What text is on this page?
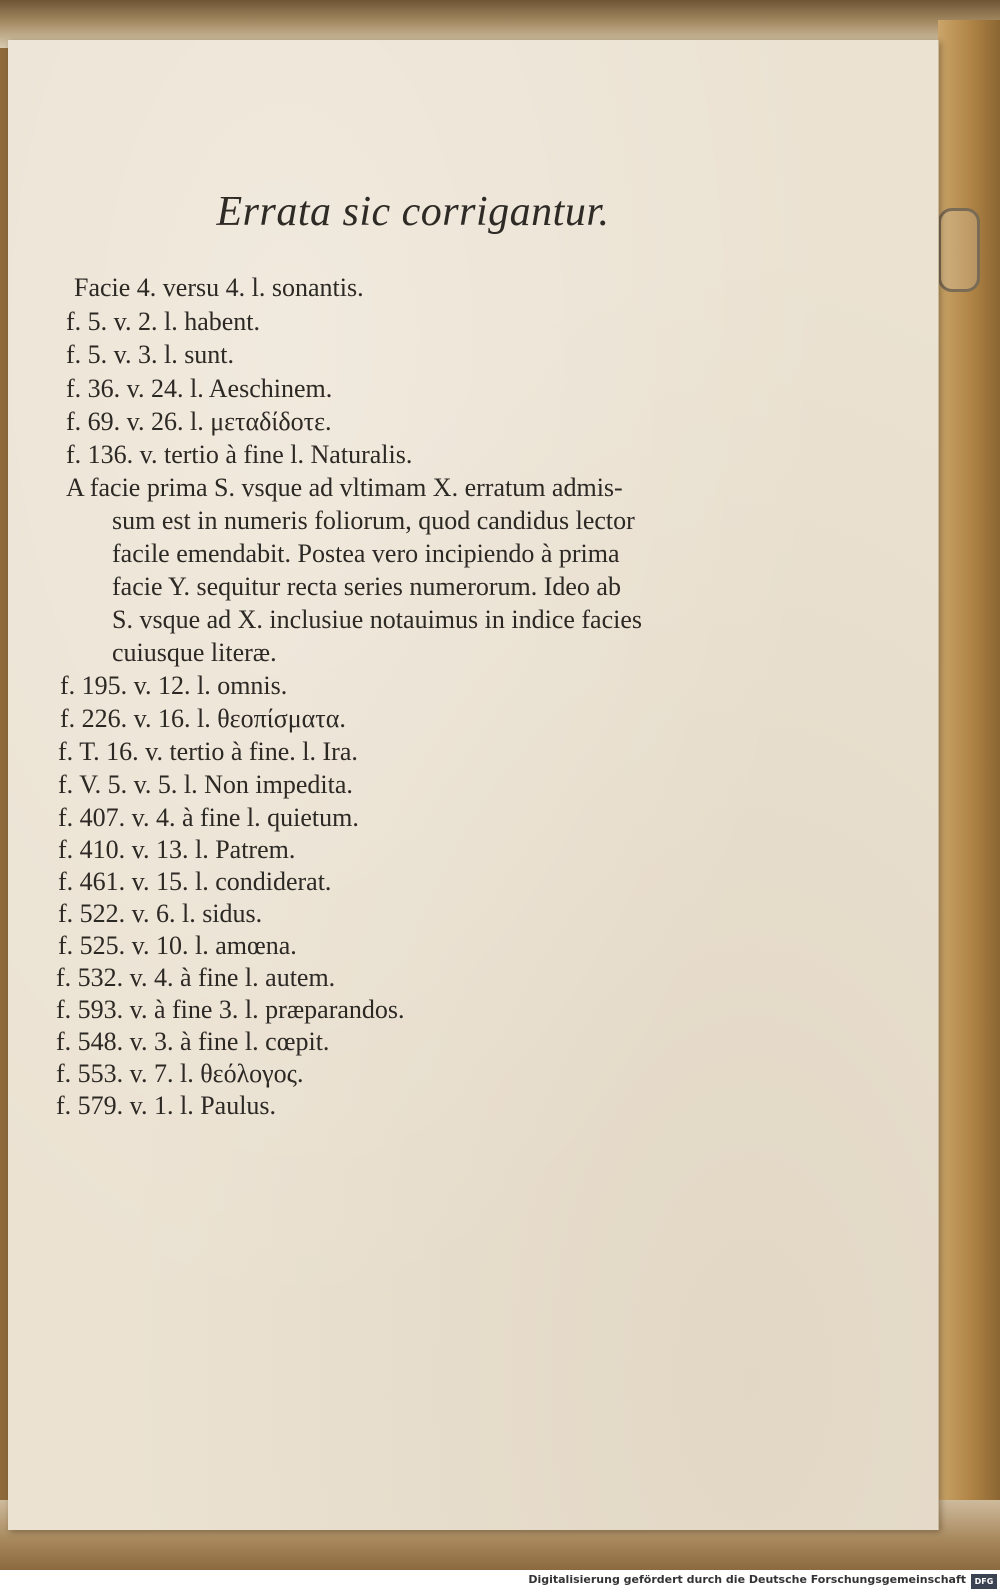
Errata sic corrigantur.
Facie 4. versu 4. l. sonantis.
f. 5. v. 2. l. habent.
f. 5. v. 3. l. sunt.
f. 36. v. 24. l. Aeschinem.
f. 69. v. 26. l. μεταδίδοτε.
f. 136. v. tertio à fine l. Naturalis.
A facie prima S. vsque ad vltimam X. erratum admis-
sum est in numeris foliorum, quod candidus lector
facile emendabit. Postea vero incipiendo à prima
facie Y. sequitur recta series numerorum. Ideo ab
S. vsque ad X. inclusiue notauimus in indice facies
cuiusque literæ.
f. 195. v. 12. l. omnis.
f. 226. v. 16. l. θεοπίσματα.
f. T. 16. v. tertio à fine. l. Ira.
f. V. 5. v. 5. l. Non impedita.
f. 407. v. 4. à fine l. quietum.
f. 410. v. 13. l. Patrem.
f. 461. v. 15. l. condiderat.
f. 522. v. 6. l. sidus.
f. 525. v. 10. l. amœna.
f. 532. v. 4. à fine l. autem.
f. 593. v. à fine 3. l. præparandos.
f. 548. v. 3. à fine l. cœpit.
f. 553. v. 7. l. θεόλογος.
f. 579. v. 1. l. Paulus.
Digitalisierung gefördert durch die Deutsche Forschungsgemeinschaft	DFG
